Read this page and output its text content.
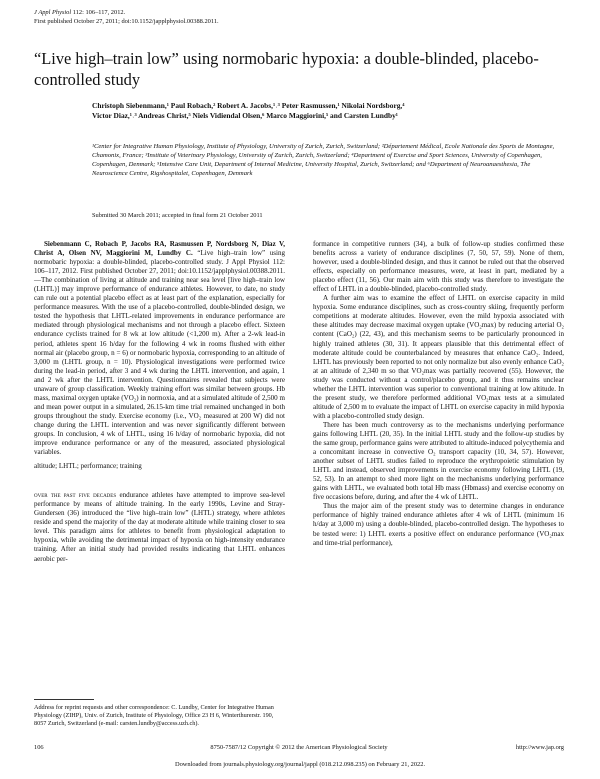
J Appl Physiol 112: 106–117, 2012.
First published October 27, 2011; doi:10.1152/japplphysiol.00388.2011.
“Live high–train low” using normobaric hypoxia: a double-blinded, placebo-controlled study
Christoph Siebenmann,¹ Paul Robach,² Robert A. Jacobs,¹˒³ Peter Rasmussen,¹ Nikolai Nordsborg,⁴
Victor Diaz,¹˒³ Andreas Christ,⁵ Niels Vidiendal Olsen,⁶ Marco Maggiorini,⁵ and Carsten Lundby¹

¹Center for Integrative Human Physiology, Institute of Physiology, University of Zurich, Zurich, Switzerland; ²Département Médical, Ecole Nationale des Sports de Montagne, Chamonix, France; ³Institute of Veterinary Physiology, University of Zurich, Zurich, Switzerland; ⁴Department of Exercise and Sport Sciences, University of Copenhagen, Copenhagen, Denmark; ⁵Intensive Care Unit, Department of Internal Medicine, University Hospital, Zurich, Switzerland; and ⁶Department of Neuroanaesthesia, The Neuroscience Centre, Rigshospitalet, Copenhagen, Denmark

Submitted 30 March 2011; accepted in final form 21 October 2011

Siebenmann C, Robach P, Jacobs RA, Rasmussen P, Nordsborg N, Diaz V, Christ A, Olsen NV, Maggiorini M, Lundby C. “Live high–train low” using normobaric hypoxia: a double-blinded, placebo-controlled study. J Appl Physiol 112: 106–117, 2012. First published October 27, 2011; doi:10.1152/japplphysiol.00388.2011.—The combination of living at altitude and training near sea level [live high–train low (LHTL)] may improve performance of endurance athletes. However, to date, no study can rule out a potential placebo effect as at least part of the explanation, especially for performance measures. With the use of a placebo-controlled, double-blinded design, we tested the hypothesis that LHTL-related improvements in endurance performance are mediated through physiological mechanisms and not through a placebo effect. Sixteen endurance cyclists trained for 8 wk at low altitude (<1,200 m). After a 2-wk lead-in period, athletes spent 16 h/day for the following 4 wk in rooms flushed with either normal air (placebo group, n = 6) or normobaric hypoxia, corresponding to an altitude of 3,000 m (LHTL group, n = 10). Physiological investigations were performed twice during the lead-in period, after 3 and 4 wk during the LHTL intervention, and again, 1 and 2 wk after the LHTL intervention. Questionnaires revealed that subjects were unaware of group classification. Weekly training effort was similar between groups. Hb mass, maximal oxygen uptake (VO₂) in normoxia, and at a simulated altitude of 2,500 m and mean power output in a simulated, 26.15-km time trial remained unchanged in both groups throughout the study. Exercise economy (i.e., VO₂ measured at 200 W) did not change during the LHTL intervention and was never significantly different between groups. In conclusion, 4 wk of LHTL, using 16 h/day of normobaric hypoxia, did not improve endurance performance or any of the measured, associated physiological variables.

altitude; LHTL; performance; training

over the past five decades endurance athletes have attempted to improve sea-level performance by means of altitude training. In the early 1990s, Levine and Stray-Gundersen (36) introduced the “live high–train low” (LHTL) strategy, where athletes reside and spend the majority of the day at moderate altitude while training closer to sea level. This paradigm aims for athletes to benefit from physiological adaptation to hypoxia, while avoiding the detrimental impact of hypoxia on high-intensity endurance training. After an initial study had provided results indicating that LHTL enhances aerobic per-

Address for reprint requests and other correspondence: C. Lundby, Center for Integrative Human Physiology (ZIHP), Univ. of Zurich, Institute of Physiology, Office 23 H 6, Winterthurerstr. 190, 8057 Zurich, Switzerland (e-mail: carsten.lundby@access.uzh.ch).

formance in competitive runners (34), a bulk of follow-up studies confirmed these benefits across a variety of endurance disciplines (7, 50, 57, 59). None of them, however, used a double-blinded design, and thus it cannot be ruled out that the observed effects, especially on performance measures, were, at least in part, mediated by a placebo effect (11, 56). Our main aim with this study was therefore to investigate the effect of LHTL in a double-blinded, placebo-controlled study.

A further aim was to examine the effect of LHTL on exercise capacity in mild hypoxia. Some endurance disciplines, such as cross-country skiing, frequently perform competitions at moderate altitudes. However, even the mild hypoxia associated with these altitudes may decrease maximal oxygen uptake (VO₂max) by reducing arterial O₂ content (CaO₂) (22, 43), and this mechanism seems to be particularly pronounced in highly trained athletes (30, 31). It appears plausible that this detrimental effect of moderate altitude could be counterbalanced by measures that enhance CaO₂. Indeed, LHTL has previously been reported to not only normalize but also evenly enhance CaO₂ at an altitude of 2,340 m so that VO₂max was partially recovered (55). However, the study was conducted without a control/placebo group, and it thus remains unclear whether the LHTL intervention was superior to conventional training at low altitude. In the present study, we therefore performed additional VO₂max tests at a simulated altitude of 2,500 m to evaluate the impact of LHTL on exercise capacity in mild hypoxia with a placebo-controlled study design.

There has been much controversy as to the mechanisms underlying performance gains following LHTL (20, 35). In the initial LHTL study and the follow-up studies by the same group, performance gains were attributed to altitude-induced polycythemia and a concomitant increase in convective O₂ transport capacity (10, 34, 57). However, another subset of LHTL studies failed to reproduce the erythropoietic stimulation by LHTL and instead, observed improvements in exercise economy following LHTL (19, 52, 53). In an attempt to shed more light on the mechanisms underlying performance gains with LHTL, we evaluated both total Hb mass (Hbmass) and exercise economy on five occasions before, during, and after the 4 wk of LHTL.

Thus the major aim of the present study was to determine changes in endurance performance of highly trained endurance athletes after 4 wk of LHTL (minimum 16 h/day at 3,000 m) using a double-blinded, placebo-controlled design. The hypotheses to be tested were: 1) LHTL exerts a positive effect on endurance performance (VO₂max and time-trial performance),

106	8750-7587/12 Copyright © 2012 the American Physiological Society	http://www.jap.org
Downloaded from journals.physiology.org/journal/jappl (018.212.098.235) on February 21, 2022.
